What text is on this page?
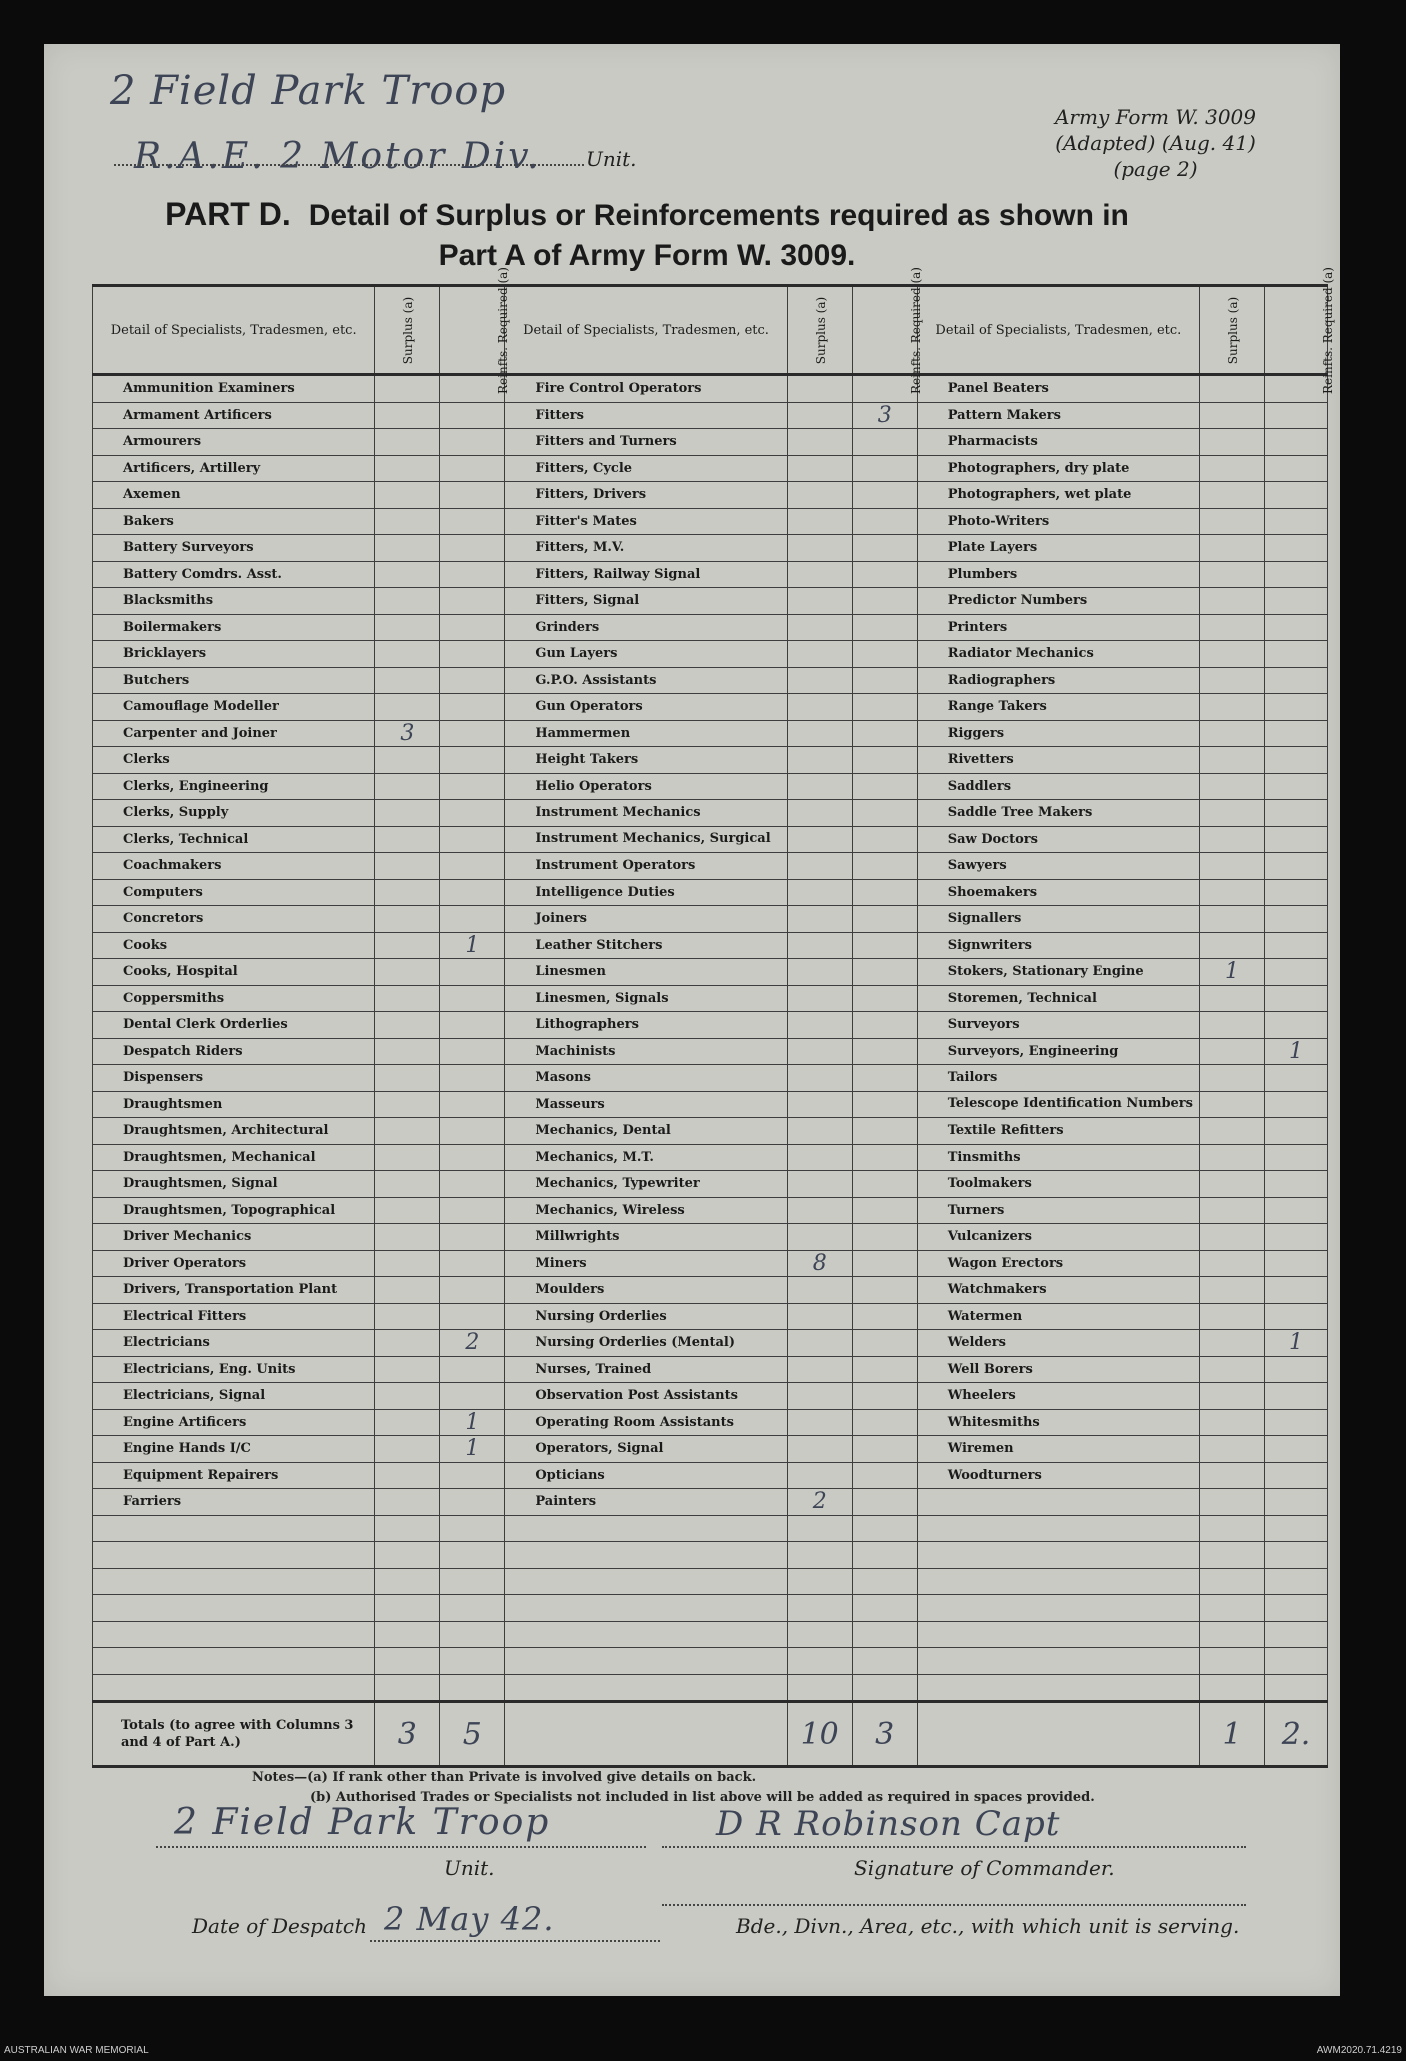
2 Field Park Troop
R.A.E. 2 Motor Div. Unit.
Army Form W. 3009
(Adapted) (Aug. 41)
(page 2)
PART D. Detail of Surplus or Reinforcements required as shown in
Part A of Army Form W. 3009.
Detail of Specialists, Tradesmen, etc.	Surplus (a)	Reinfts. Required (a)	Detail of Specialists, Tradesmen, etc.	Surplus (a)	Reinfts. Required (a)	Detail of Specialists, Tradesmen, etc.	Surplus (a)	Reinfts. Required (a)
Ammunition Examiners			Fire Control Operators			Panel Beaters		
Armament Artificers			Fitters		3	Pattern Makers		
Armourers			Fitters and Turners			Pharmacists		
Artificers, Artillery			Fitters, Cycle			Photographers, dry plate		
Axemen			Fitters, Drivers			Photographers, wet plate		
Bakers			Fitter's Mates			Photo-Writers		
Battery Surveyors			Fitters, M.V.			Plate Layers		
Battery Comdrs. Asst.			Fitters, Railway Signal			Plumbers		
Blacksmiths			Fitters, Signal			Predictor Numbers		
Boilermakers			Grinders			Printers		
Bricklayers			Gun Layers			Radiator Mechanics		
Butchers			G.P.O. Assistants			Radiographers		
Camouflage Modeller			Gun Operators			Range Takers		
Carpenter and Joiner	3		Hammermen			Riggers		
Clerks			Height Takers			Rivetters		
Clerks, Engineering			Helio Operators			Saddlers		
Clerks, Supply			Instrument Mechanics			Saddle Tree Makers		
Clerks, Technical			Instrument Mechanics, Surgical			Saw Doctors		
Coachmakers			Instrument Operators			Sawyers		
Computers			Intelligence Duties			Shoemakers		
Concretors			Joiners			Signallers		
Cooks		1	Leather Stitchers			Signwriters		
Cooks, Hospital			Linesmen			Stokers, Stationary Engine	1	
Coppersmiths			Linesmen, Signals			Storemen, Technical		
Dental Clerk Orderlies			Lithographers			Surveyors		
Despatch Riders			Machinists			Surveyors, Engineering		1
Dispensers			Masons			Tailors		
Draughtsmen			Masseurs			Telescope Identification Numbers		
Draughtsmen, Architectural			Mechanics, Dental			Textile Refitters		
Draughtsmen, Mechanical			Mechanics, M.T.			Tinsmiths		
Draughtsmen, Signal			Mechanics, Typewriter			Toolmakers		
Draughtsmen, Topographical			Mechanics, Wireless			Turners		
Driver Mechanics			Millwrights			Vulcanizers		
Driver Operators			Miners	8		Wagon Erectors		
Drivers, Transportation Plant			Moulders			Watchmakers		
Electrical Fitters			Nursing Orderlies			Watermen		
Electricians		2	Nursing Orderlies (Mental)			Welders		1
Electricians, Eng. Units			Nurses, Trained			Well Borers		
Electricians, Signal			Observation Post Assistants			Wheelers		
Engine Artificers		1	Operating Room Assistants			Whitesmiths		
Engine Hands I/C		1	Operators, Signal			Wiremen		
Equipment Repairers			Opticians			Woodturners		
Farriers			Painters	2				

Totals (to agree with Columns 3 and 4 of Part A.)	3	5		10	3		1	2.
Notes—(a) If rank other than Private is involved give details on back.
(b) Authorised Trades or Specialists not included in list above will be added as required in spaces provided.
2 Field Park Troop
Unit.
D R Robinson Capt
Signature of Commander.
Date of Despatch 2 May 42.	Bde., Divn., Area, etc., with which unit is serving.
AUSTRALIAN WAR MEMORIAL	AWM2020.71.4219
